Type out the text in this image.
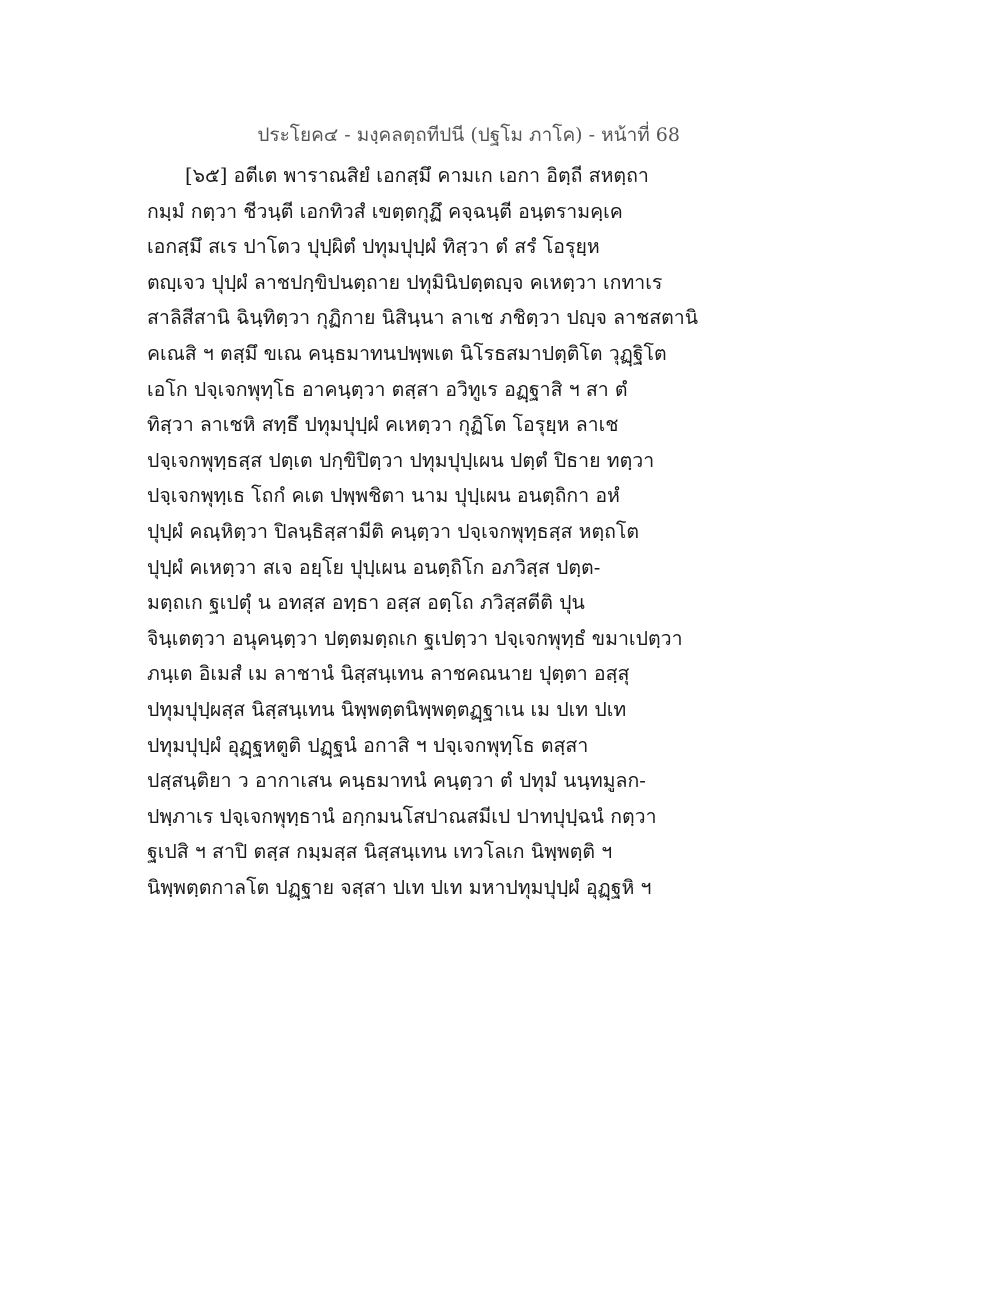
ประโยค๔ - มงฺคลตฺถทีปนี (ปฐโม ภาโค) - หน้าที่ 68
[๖๕] อตีเต พาราณสิยํ เอกสฺมึ คามเก เอกา อิตฺถี สหตฺถา
กมฺมํ กตฺวา ชีวนฺตี เอกทิวสํ เขตฺตกุฏึ คจฺฉนฺตี อนฺตรามคฺเค
เอกสฺมึ สเร ปาโตว ปุปฺผิตํ ปทุมปุปฺผํ ทิสฺวา ตํ สรํ โอรุยฺห
ตญฺเจว ปุปฺผํ ลาชปกฺขิปนตฺถาย ปทุมินิปตฺตญฺจ คเหตฺวา เกทาเร
สาลิสีสานิ ฉินฺทิตฺวา กุฏิกาย นิสินฺนา ลาเช ภชิตฺวา ปญฺจ ลาชสตานิ
คเณสิ ฯ ตสฺมึ ขเณ คนฺธมาทนปพฺพเต นิโรธสมาปตฺติโต วุฏฺฐิโต
เอโก ปจฺเจกพุทฺโธ อาคนฺตฺวา ตสฺสา อวิทูเร อฏฺฐาสิ ฯ สา ตํ
ทิสฺวา ลาเชหิ สทฺธึ ปทุมปุปฺผํ คเหตฺวา กุฏิโต โอรุยฺห ลาเช
ปจฺเจกพุทฺธสฺส ปตฺเต ปกฺขิปิตฺวา ปทุมปุปฺเผน ปตฺตํ ปิธาย ทตฺวา
ปจฺเจกพุทฺเธ โถกํ คเต ปพฺพชิตา นาม ปุปฺเผน อนตฺถิกา อหํ
ปุปฺผํ คณฺหิตฺวา ปิลนฺธิสฺสามีติ คนฺตฺวา ปจฺเจกพุทฺธสฺส หตฺถโต
ปุปฺผํ คเหตฺวา สเจ อยฺโย ปุปฺเผน อนตฺถิโก อภวิสฺส ปตฺต-
มตฺถเก ฐเปตุํ น อทสฺส อทฺธา อสฺส อตฺโถ ภวิสฺสตีติ ปุน
จินฺเตตฺวา อนุคนฺตฺวา ปตฺตมตฺถเก ฐเปตฺวา ปจฺเจกพุทฺธํ ขมาเปตฺวา
ภนฺเต อิเมสํ เม ลาชานํ นิสฺสนฺเทน ลาชคณนาย ปุตฺตา อสฺสุ
ปทุมปุปฺผสฺส นิสฺสนฺเทน นิพฺพตฺตนิพฺพตฺตฏฺฐาเน เม ปเท ปเท
ปทุมปุปฺผํ อุฏฺฐหตูติ ปฏฺฐนํ อกาสิ ฯ ปจฺเจกพุทฺโธ ตสฺสา
ปสฺสนฺติยา ว อากาเสน คนฺธมาทนํ คนฺตฺวา ตํ ปทุมํ นนฺทมูลก-
ปพฺภาเร ปจฺเจกพุทฺธานํ อกฺกมนโสปาณสมีเป ปาทปุปฺฉนํ กตฺวา
ฐเปสิ ฯ สาปิ ตสฺส กมฺมสฺส นิสฺสนฺเทน เทวโลเก นิพฺพตฺติ ฯ
นิพฺพตฺตกาลโต ปฏฺฐาย จสฺสา ปเท ปเท มหาปทุมปุปฺผํ อุฏฺฐหิ ฯ
